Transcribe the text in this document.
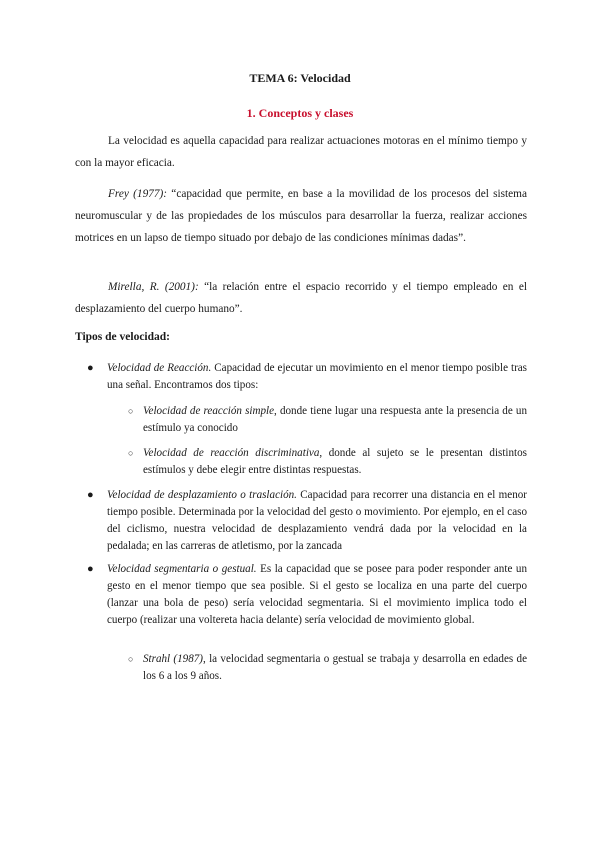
TEMA 6: Velocidad
1. Conceptos y clases

La velocidad es aquella capacidad para realizar actuaciones motoras en el mínimo tiempo y con la mayor eficacia.

Frey (1977): “capacidad que permite, en base a la movilidad de los procesos del sistema neuromuscular y de las propiedades de los músculos para desarrollar la fuerza, realizar acciones motrices en un lapso de tiempo situado por debajo de las condiciones mínimas dadas”.

Mirella, R. (2001): “la relación entre el espacio recorrido y el tiempo empleado en el desplazamiento del cuerpo humano”.

Tipos de velocidad:
● Velocidad de Reacción. Capacidad de ejecutar un movimiento en el menor tiempo posible tras una señal. Encontramos dos tipos:

○ Velocidad de reacción simple, donde tiene lugar una respuesta ante la presencia de un estímulo ya conocido

○ Velocidad de reacción discriminativa, donde al sujeto se le presentan distintos estímulos y debe elegir entre distintas respuestas.

● Velocidad de desplazamiento o traslación. Capacidad para recorrer una distancia en el menor tiempo posible. Determinada por la velocidad del gesto o movimiento. Por ejemplo, en el caso del ciclismo, nuestra velocidad de desplazamiento vendrá dada por la velocidad en la pedalada; en las carreras de atletismo, por la zancada

● Velocidad segmentaria o gestual. Es la capacidad que se posee para poder responder ante un gesto en el menor tiempo que sea posible. Si el gesto se localiza en una parte del cuerpo (lanzar una bola de peso) sería velocidad segmentaria. Si el movimiento implica todo el cuerpo (realizar una voltereta hacia delante) sería velocidad de movimiento global.

○ Strahl (1987), la velocidad segmentaria o gestual se trabaja y desarrolla en edades de los 6 a los 9 años.
